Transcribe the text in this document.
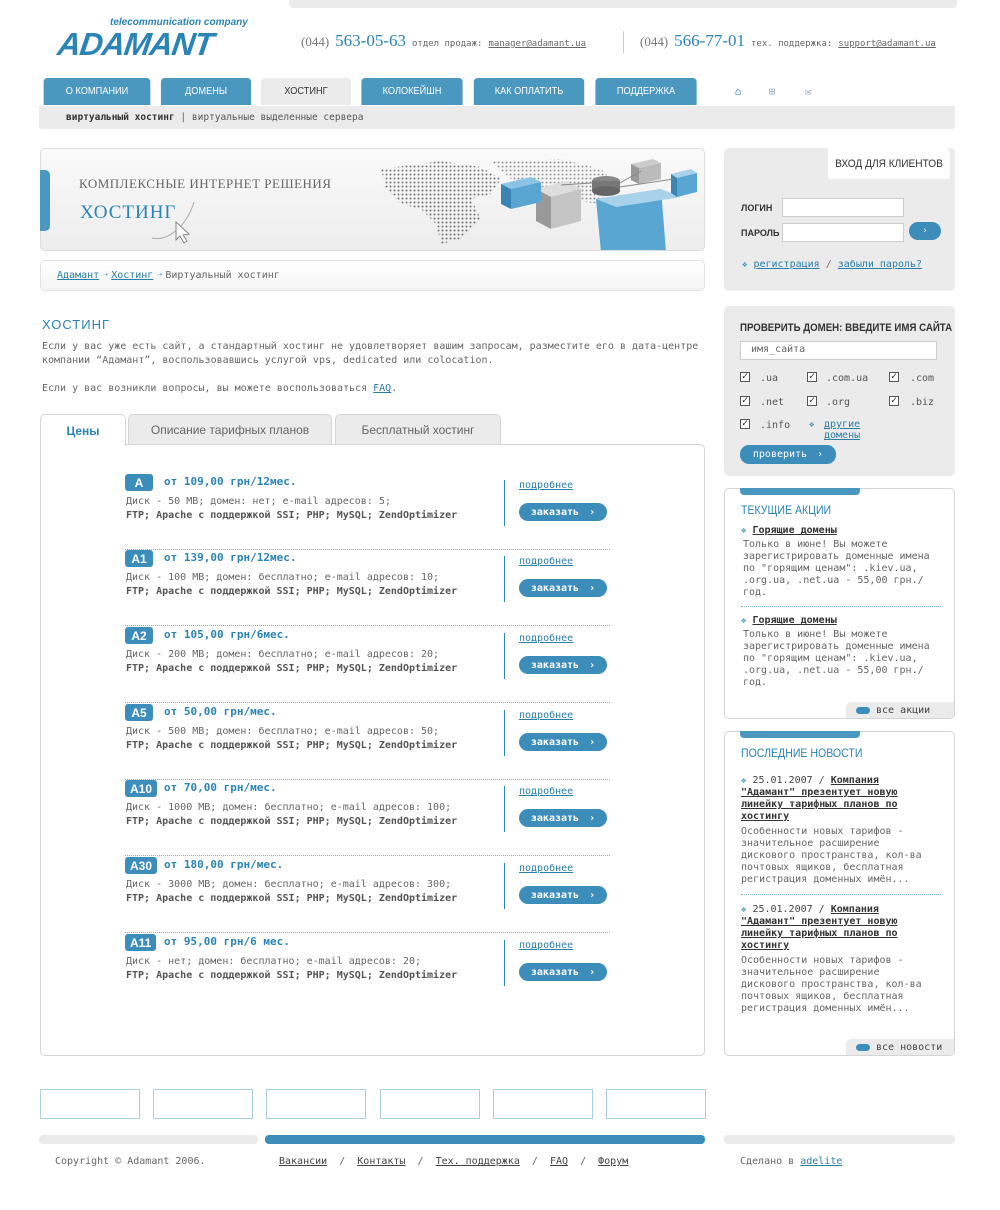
telecommunication company
ADAMANT	(044) 563-05-63 отдел продаж: manager@adamant.ua	(044) 566-77-01 тех. поддержка: support@adamant.ua
О КОМПАНИИ	ДОМЕНЫ	ХОСТИНГ	КОЛОКЕЙШН	КАК ОПЛАТИТЬ	ПОДДЕРЖКА	⌂ ⊞	✉
виртуальный хостинг | виртуальные выделенные сервера
КОМПЛЕКСНЫЕ ИНТЕРНЕТ РЕШЕНИЯ
ХОСТИНГ
Адамант ➝ Хостинг ➝ Виртуальный хостинг
ХОСТИНГ

Если у вас уже есть сайт, а стандартный хостинг не удовлетворяет вашим запросам, разместите его в дата-центре компании “Адамант”, воспользовавшись услугой vps, dedicated или colocation.

Если у вас возникли вопросы, вы можете воспользоваться FAQ.

Цены	Описание тарифных планов	Бесплатный хостинг
A	от 109,00 грн/12мес.
Диск - 50 MB; домен: нет; e-mail адресов: 5;
FTP; Apache с поддержкой SSI; PHP; MySQL; ZendOptimizer
подробнее
заказать ›
A1	от 139,00 грн/12мес.
Диск - 100 MB; домен: бесплатно; e-mail адресов: 10;
FTP; Apache с поддержкой SSI; PHP; MySQL; ZendOptimizer
подробнее
заказать ›
A2	от 105,00 грн/6мес.
Диск - 200 MB; домен: бесплатно; e-mail адресов: 20;
FTP; Apache с поддержкой SSI; PHP; MySQL; ZendOptimizer
подробнее
заказать ›
A5	от 50,00 грн/мес.
Диск - 500 MB; домен: бесплатно; e-mail адресов: 50;
FTP; Apache с поддержкой SSI; PHP; MySQL; ZendOptimizer
подробнее
заказать ›
A10	от 70,00 грн/мес.
Диск - 1000 MB; домен: бесплатно; e-mail адресов: 100;
FTP; Apache с поддержкой SSI; PHP; MySQL; ZendOptimizer
подробнее
заказать ›
A30	от 180,00 грн/мес.
Диск - 3000 MB; домен: бесплатно; e-mail адресов: 300;
FTP; Apache с поддержкой SSI; PHP; MySQL; ZendOptimizer
подробнее
заказать ›
A11	от 95,00 грн/6 мес.
Диск - нет; домен: бесплатно; e-mail адресов: 20;
FTP; Apache с поддержкой SSI; PHP; MySQL; ZendOptimizer
подробнее
заказать ›
ВХОД ДЛЯ КЛИЕНТОВ
ЛОГИН
ПАРОЛЬ	›
❖ регистрация / забыли пароль?
ПРОВЕРИТЬ ДОМЕН: ВВЕДИТЕ ИМЯ САЙТА
имя_сайта
✓ .ua	✓ .com.ua ✓ .com
✓ .net ✓ .org	✓ .biz
✓ .info ❖ другие домены
проверить ›
ТЕКУЩИЕ АКЦИИ
❖ Горящие домены
Только в июне! Вы можете зарегистрировать доменные имена по "горящим ценам": .kiev.ua, .org.ua, .net.ua - 55,00 грн./год.
❖ Горящие домены
Только в июне! Вы можете зарегистрировать доменные имена по "горящим ценам": .kiev.ua, .org.ua, .net.ua - 55,00 грн./год.
все акции
ПОСЛЕДНИЕ НОВОСТИ
❖ 25.01.2007 / Компания "Адамант" презентует новую линейку тарифных планов по хостингу
Особенности новых тарифов - значительное расширение дискового пространства, кол-ва почтовых ящиков, бесплатная регистрация доменных имён...
❖ 25.01.2007 / Компания "Адамант" презентует новую линейку тарифных планов по хостингу
Особенности новых тарифов - значительное расширение дискового пространства, кол-ва почтовых ящиков, бесплатная регистрация доменных имён...
все новости
Copyright © Adamant 2006.	Вакансии  /  Контакты  /  Тех. поддержка  /  FAQ  /  Форум	Сделано в adelite
